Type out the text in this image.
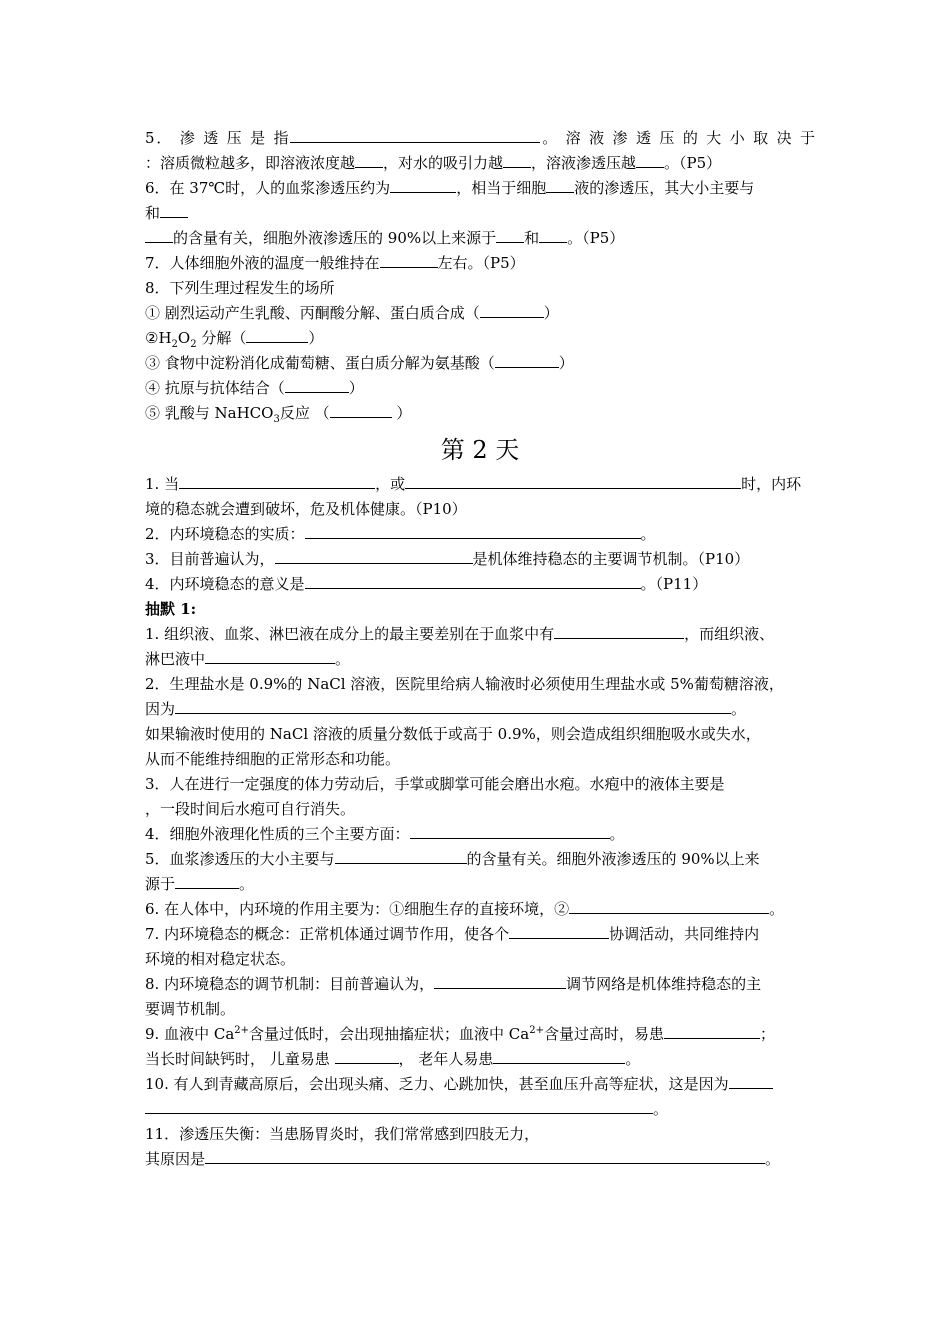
5． 渗 透 压 是 指	。 溶 液 渗 透 压 的 大 小 取 决 于
：溶质微粒越多，即溶液浓度越 ，对水的吸引力越 ，溶液渗透压越 。（P5）
6．在 37℃时，人的血浆渗透压约为	，相当于细胞 液的渗透压，其大小主要与
和
的含量有关，细胞外液渗透压的 90%以上来源于 和 。（P5）
7．人体细胞外液的温度一般维持在	左右。（P5）
8．下列生理过程发生的场所
① 剧烈运动产生乳酸、丙酮酸分解、蛋白质合成（	）
$②H_2O_2$ 分解（	）
③ 食物中淀粉消化成葡萄糖、蛋白质分解为氨基酸（	）
④ 抗原与抗体结合（	）
⑤ 乳酸与 NaHCO$_3$反应 （	）
第 2 天
1. 当	，或	时，内环
境的稳态就会遭到破坏，危及机体健康。（P10）
2．内环境稳态的实质：	。
3．目前普遍认为，	是机体维持稳态的主要调节机制。（P10）
4．内环境稳态的意义是	。（P11）
抽默 1:
1. 组织液、血浆、淋巴液在成分上的最主要差别在于血浆中有	，而组织液、
淋巴液中	。
2．生理盐水是 0.9%的 NaCl 溶液，医院里给病人输液时必须使用生理盐水或 5%葡萄糖溶液，
因为	。
如果输液时使用的 NaCl 溶液的质量分数低于或高于 0.9%，则会造成组织细胞吸水或失水，
从而不能维持细胞的正常形态和功能。
3．人在进行一定强度的体力劳动后，手掌或脚掌可能会磨出水疱。水疱中的液体主要是
，一段时间后水疱可自行消失。
4．细胞外液理化性质的三个主要方面：	。
5．血浆渗透压的大小主要与	的含量有关。细胞外液渗透压的 90%以上来
源于	。
6. 在人体中，内环境的作用主要为：①细胞生存的直接环境，②	。
7. 内环境稳态的概念：正常机体通过调节作用，使各个	协调活动，共同维持内
环境的相对稳定状态。
8. 内环境稳态的调节机制：目前普遍认为，	调节网络是机体维持稳态的主
要调节机制。
9. 血液中 $Ca^{2+}$含量过低时，会出现抽搐症状；血液中 $Ca^{2+}$含量过高时，易患	；
当长时间缺钙时， 儿童易患	， 老年人易患	。
10. 有人到青藏高原后，会出现头痛、乏力、心跳加快，甚至血压升高等症状，这是因为
。
11．渗透压失衡：当患肠胃炎时，我们常常感到四肢无力，
其原因是	。
